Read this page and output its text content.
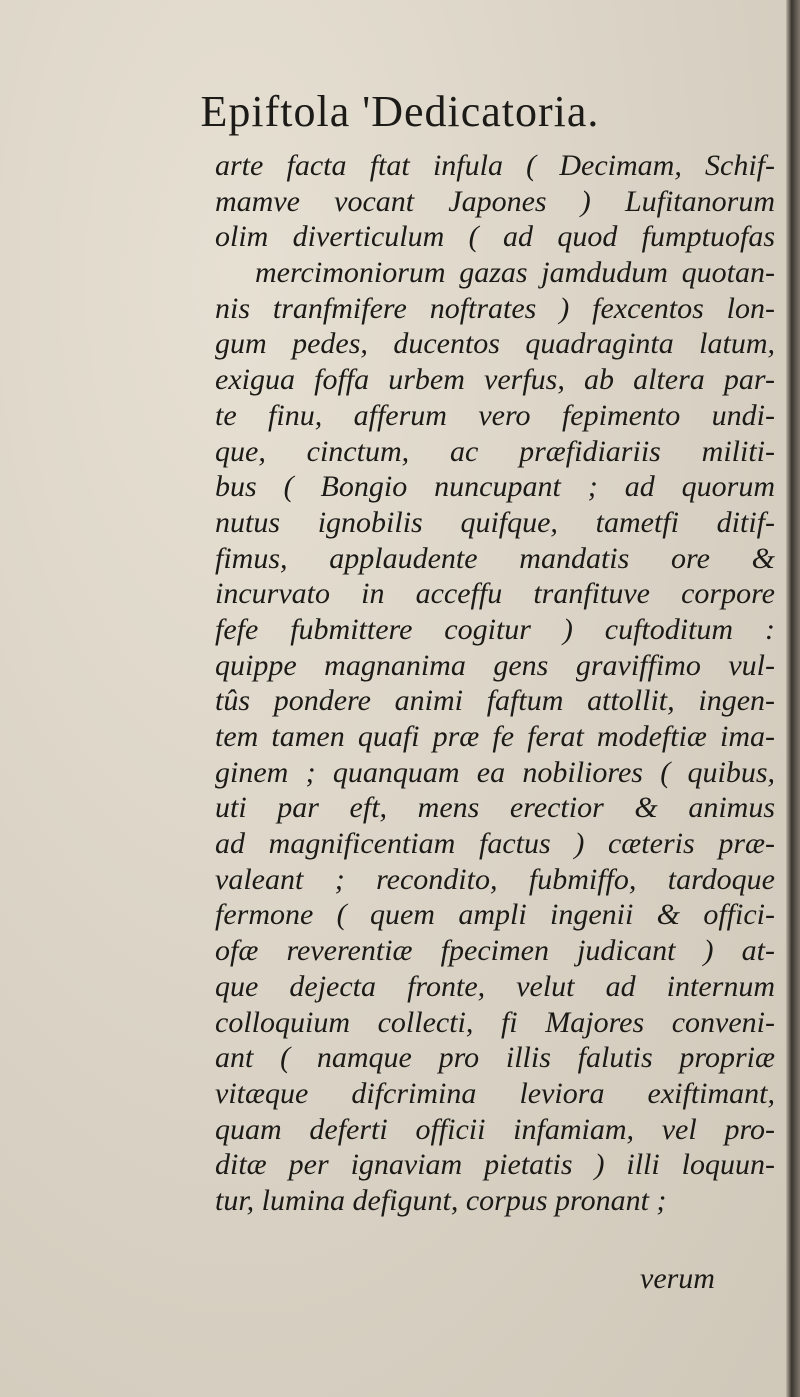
Epiftola 'Dedicatoria.
arte facta ftat infula ( Decimam, Schif-
mamve vocant Japones ) Lufitanorum
olim diverticulum ( ad quod fumptuofas
mercimoniorum gazas jamdudum quotan-
nis tranfmifere noftrates ) fexcentos lon-
gum pedes, ducentos quadraginta latum,
exigua foffa urbem verfus, ab altera par-
te finu, afferum vero fepimento undi-
que, cinctum, ac præfidiariis militi-
bus ( Bongio nuncupant ; ad quorum
nutus ignobilis quifque, tametfi ditif-
fimus, applaudente mandatis ore &
incurvato in acceffu tranfituve corpore
fefe fubmittere cogitur ) cuftoditum :
quippe magnanima gens graviffimo vul-
tûs pondere animi faftum attollit, ingen-
tem tamen quafi præ fe ferat modeftiæ ima-
ginem ; quanquam ea nobiliores ( quibus,
uti par eft, mens erectior & animus
ad magnificentiam factus ) cæteris præ-
valeant ; recondito, fubmiffo, tardoque
fermone ( quem ampli ingenii & offici-
ofæ reverentiæ fpecimen judicant ) at-
que dejecta fronte, velut ad internum
colloquium collecti, fi Majores conveni-
ant ( namque pro illis falutis propriæ
vitæque difcrimina leviora exiftimant,
quam deferti officii infamiam, vel pro-
ditæ per ignaviam pietatis ) illi loquun-
tur, lumina defigunt, corpus pronant ;
verum
